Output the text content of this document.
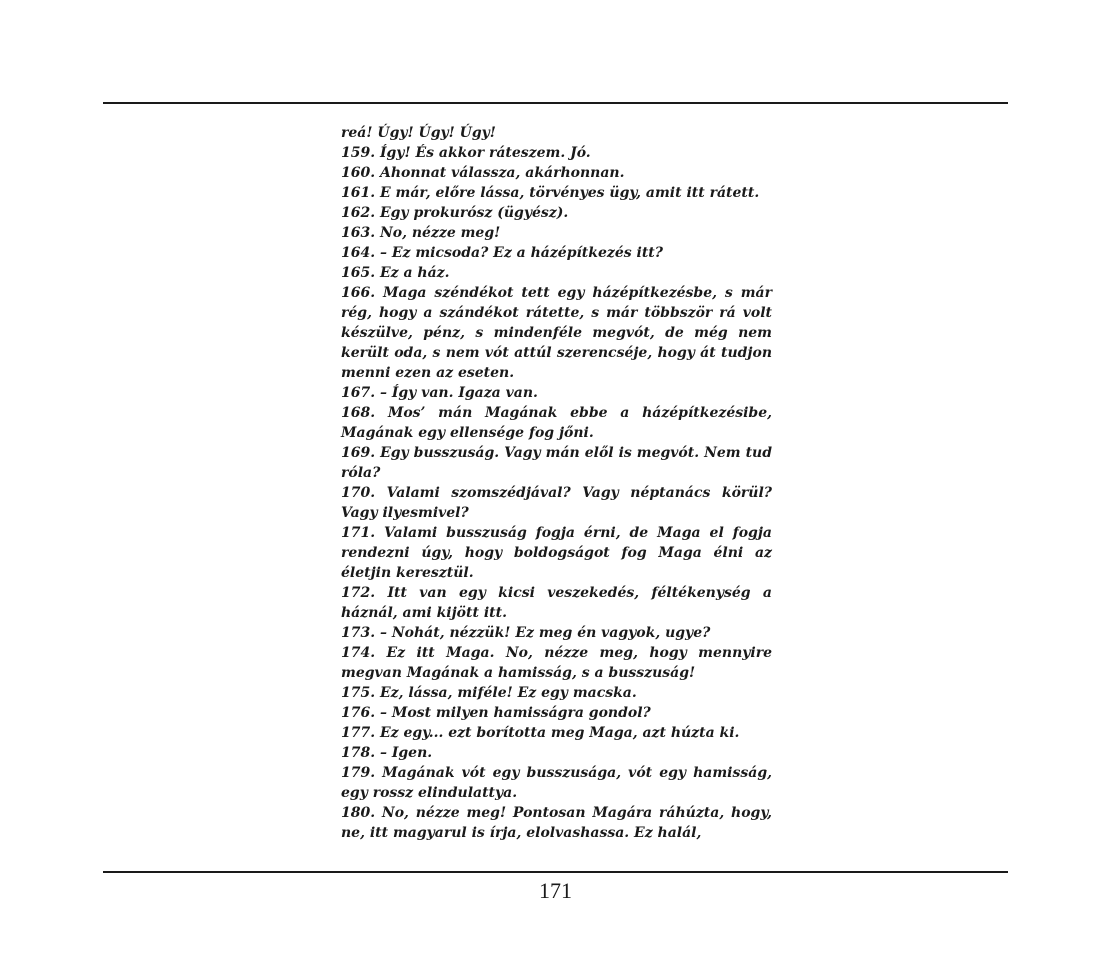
reá! Úgy! Úgy! Úgy!

159. Így! És akkor ráteszem. Jó.

160. Ahonnat válassza, akárhonnan.

161. E már, előre lássa, törvényes ügy, amit itt rátett.

162. Egy prokurósz (ügyész).

163. No, nézze meg!

164. – Ez micsoda? Ez a házépítkezés itt?

165. Ez a ház.

166. Maga széndékot tett egy házépítkezésbe, s már rég, hogy a szándékot rátette, s már többször rá volt készülve, pénz, s mindenféle megvót, de még nem került oda, s nem vót attúl szerencséje, hogy át tudjon menni ezen az eseten.

167. – Így van. Igaza van.

168. Mos’ mán Magának ebbe a házépítkezésibe, Magának egy ellensége fog jőni.

169. Egy busszuság. Vagy mán elől is megvót. Nem tud róla?

170. Valami szomszédjával? Vagy néptanács körül? Vagy ilyesmivel?

171. Valami busszuság fogja érni, de Maga el fogja rendezni úgy, hogy boldogságot fog Maga élni az életjin keresztül.

172. Itt van egy kicsi veszekedés, féltékenység a háznál, ami kijött itt.

173. – Nohát, nézzük! Ez meg én vagyok, ugye?

174. Ez itt Maga. No, nézze meg, hogy mennyire megvan Magának a hamisság, s a busszuság!

175. Ez, lássa, miféle! Ez egy macska.

176. – Most milyen hamisságra gondol?

177. Ez egy... ezt borította meg Maga, azt húzta ki.

178. – Igen.

179. Magának vót egy busszusága, vót egy hamisság, egy rossz elindulattya.

180. No, nézze meg! Pontosan Magára ráhúzta, hogy, ne, itt magyarul is írja, elolvashassa. Ez halál,

171
